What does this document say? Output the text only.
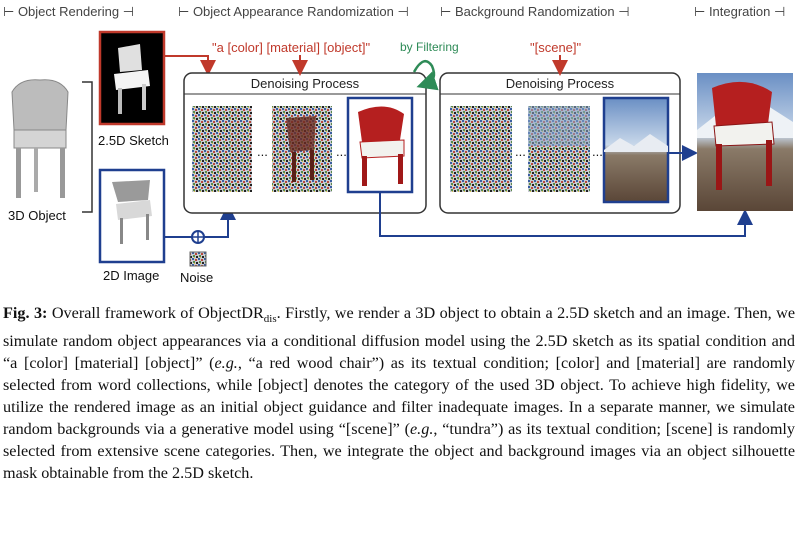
⊢ Object Rendering ⊣	⊢ Object Appearance Randomization ⊣ ⊢ Background Randomization ⊣	⊢ Integration ⊣
3D Object
2.5D Sketch
2D Image Noise
"a [color] [material] [object]" by Filtering	"[scene]"
Denoising Process	Denoising Process
...	...	...	...
Fig. 3: Overall framework of ObjectDR$_{dis}$. Firstly, we render a 3D object to obtain a 2.5D sketch and an image. Then, we simulate random object appearances via a conditional diffusion model using the 2.5D sketch as its spatial condition and “a [color] [material] [object]” (e.g., “a red wood chair”) as its textual condition; [color] and [material] are randomly selected from word collections, while [object] denotes the category of the used 3D object. To achieve high fidelity, we utilize the rendered image as an initial object guidance and filter inadequate images. In a separate manner, we simulate random backgrounds via a generative model using “[scene]” (e.g., “tundra”) as its textual condition; [scene] is randomly selected from extensive scene categories. Then, we integrate the object and background images via an object silhouette mask obtainable from the 2.5D sketch.
